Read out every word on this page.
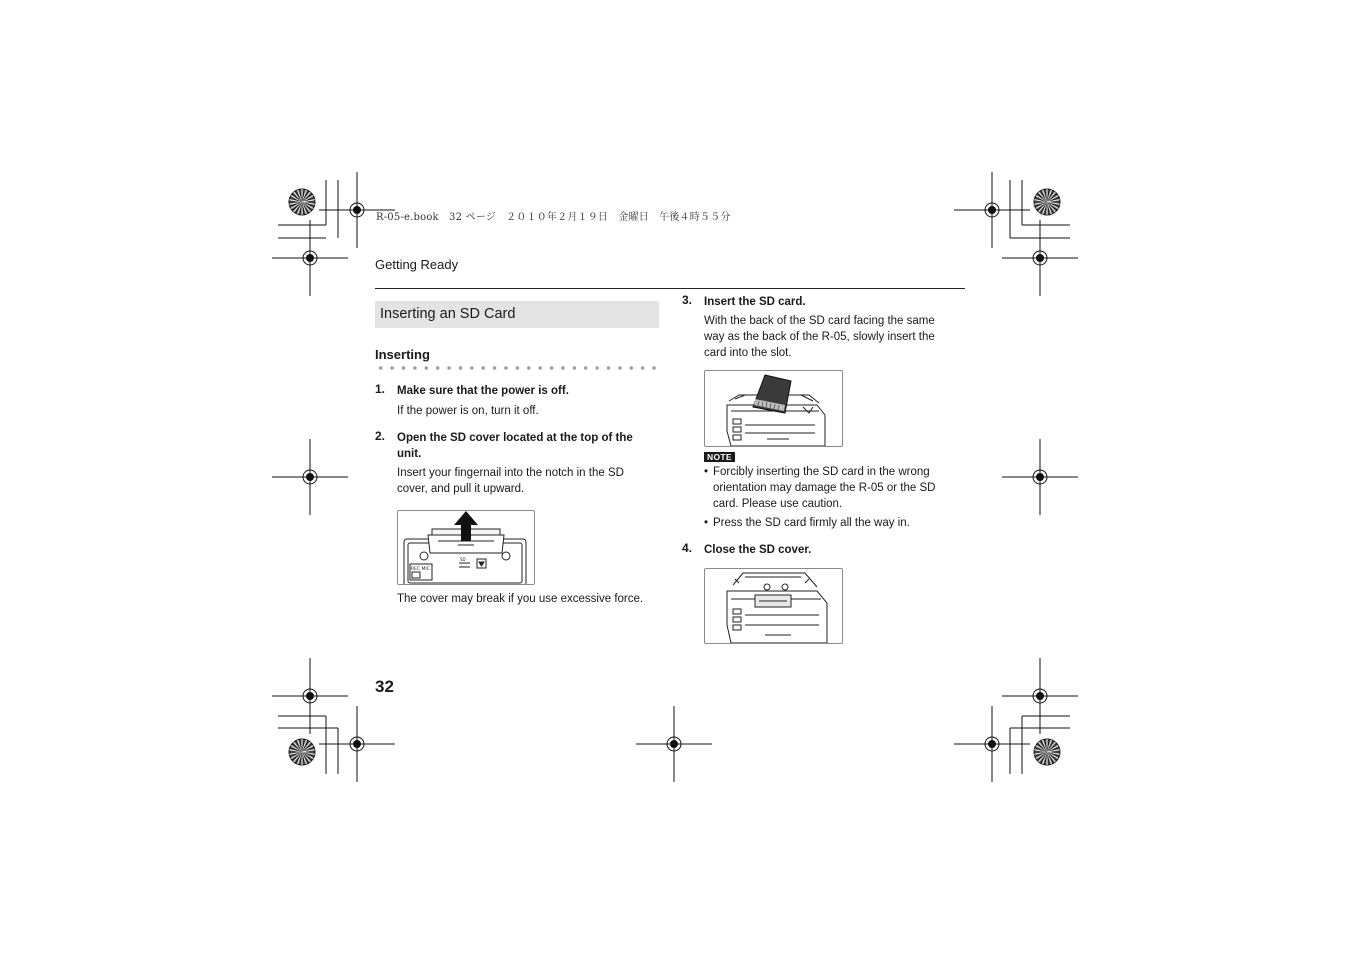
R-05-e.book　32 ページ　２０１０年２月１９日　金曜日　午後４時５５分
Getting Ready
Inserting an SD Card
Inserting
1. Make sure that the power is off.
If the power is on, turn it off.
2. Open the SD cover located at the top of the
unit.
Insert your fingernail into the notch in the SD
cover, and pull it upward.
REC MIC
SD
The cover may break if you use excessive force.
3. Insert the SD card.
With the back of the SD card facing the same
way as the back of the R-05, slowly insert the
card into the slot.
NOTE
• Forcibly inserting the SD card in the wrong
orientation may damage the R-05 or the SD
card. Please use caution.
• Press the SD card firmly all the way in.
4. Close the SD cover.
32
